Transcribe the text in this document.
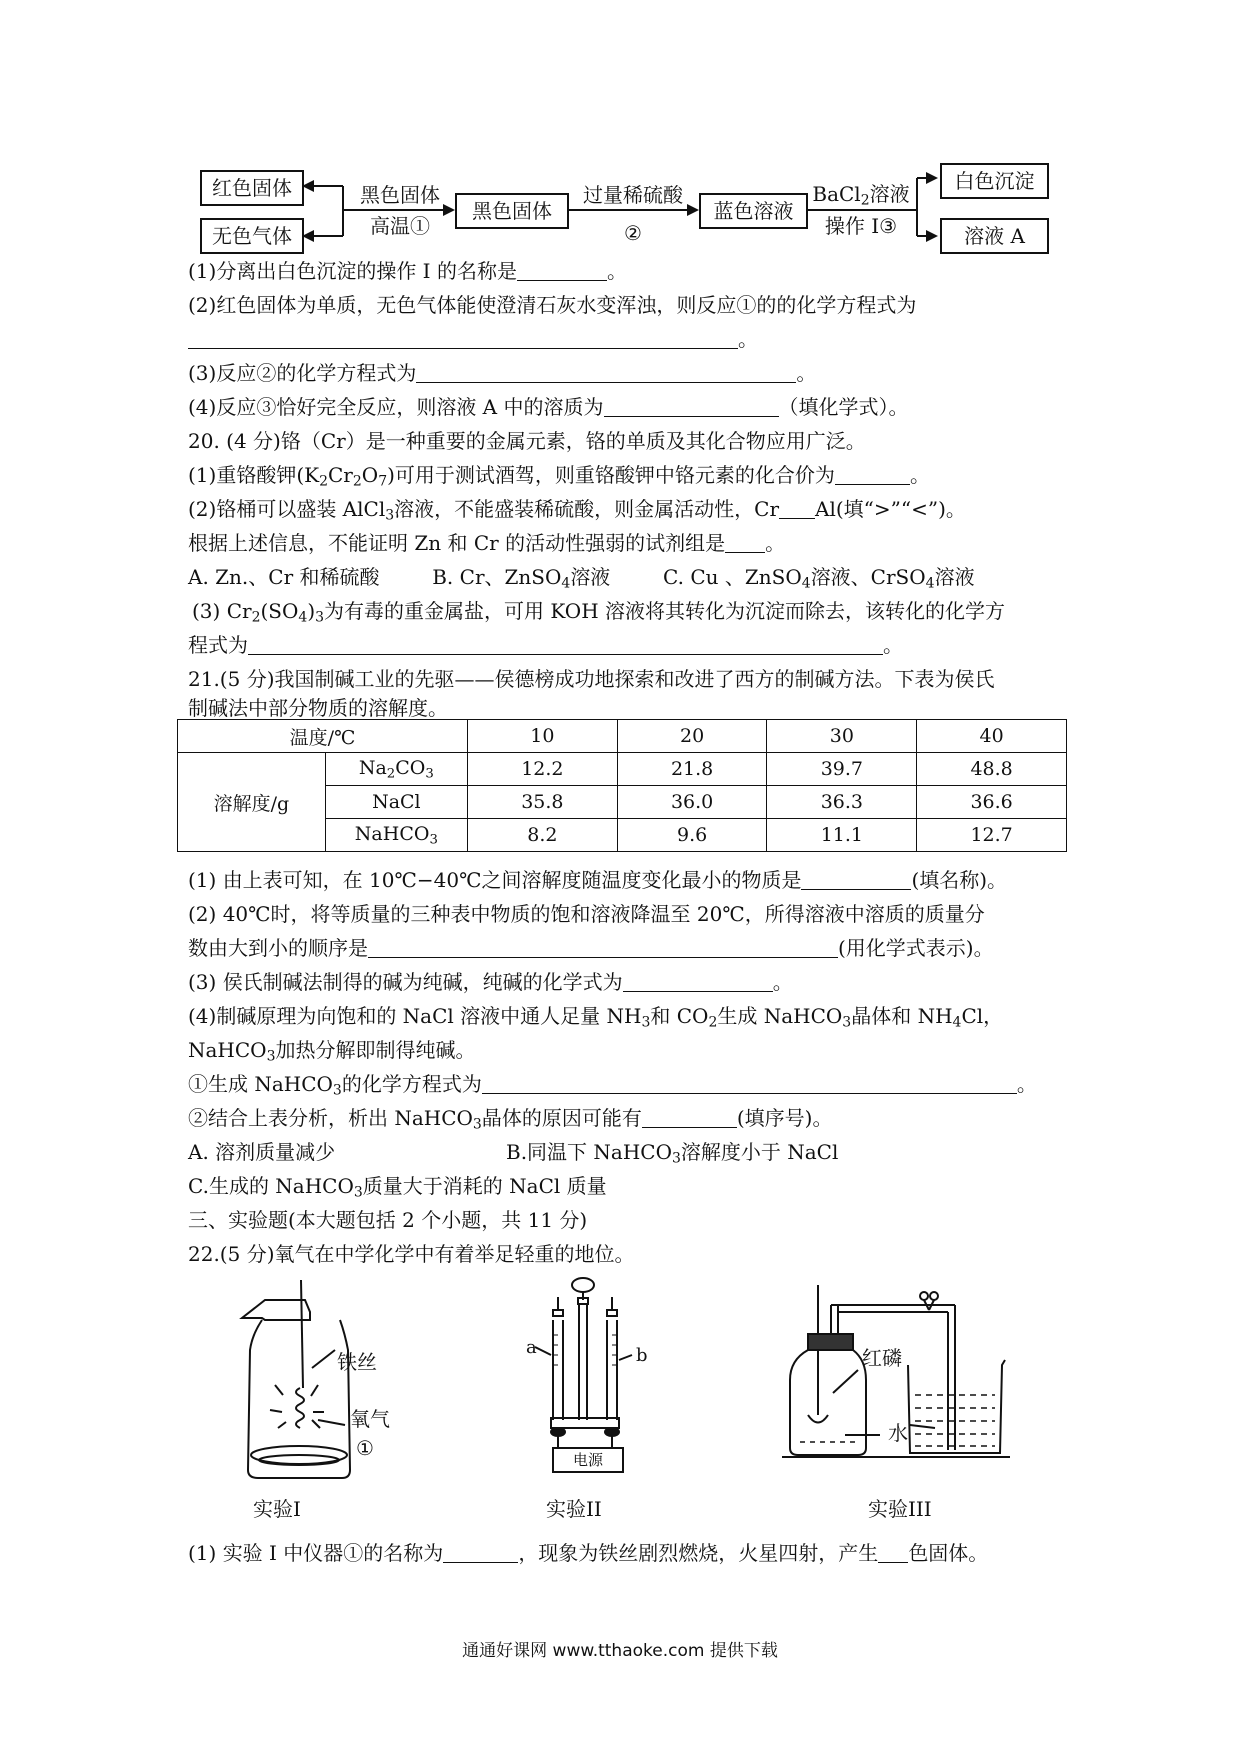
红色固体
无色气体
黑色固体
高温①
黑色固体
过量稀硫酸
②
蓝色溶液
BaCl$_2$溶液
操作 I③
白色沉淀
溶液 A
(1)分离出白色沉淀的操作 I 的名称是	。
(2)红色固体为单质，无色气体能使澄清石灰水变浑浊，则反应①的的化学方程式为
。
(3)反应②的化学方程式为	。
(4)反应③恰好完全反应，则溶液 A 中的溶质为	（填化学式）。
20. (4 分)铬（Cr）是一种重要的金属元素，铬的单质及其化合物应用广泛。
(1)重铬酸钾$(K_2Cr_2O_7)$可用于测试酒驾，则重铬酸钾中铬元素的化合价为	。
(2)铬桶可以盛装 AlCl$_3$溶液，不能盛装稀硫酸，则金属活动性，Cr Al(填“>”“<”)。
根据上述信息，不能证明 Zn 和 Cr 的活动性强弱的试剂组是 。
A. Zn.、Cr 和稀硫酸	B. Cr、ZnSO$_4$溶液	C. Cu 、ZnSO$_4$溶液、CrSO$_4$溶液
(3) $Cr_2(SO_4)_3$为有毒的重金属盐，可用 KOH 溶液将其转化为沉淀而除去，该转化的化学方
程式为	。
21.(5 分)我国制碱工业的先驱——侯德榜成功地探索和改进了西方的制碱方法。下表为侯氏
制碱法中部分物质的溶解度。
温度/℃		10	20	30	40
溶解度/g	$Na_2CO_3$	12.2	21.8	39.7	48.8
	NaCl	35.8	36.0	36.3	36.6
	NaHCO$_3$	8.2	9.6	11.1	12.7
(1) 由上表可知，在 10℃−40℃之间溶解度随温度变化最小的物质是	(填名称)。
(2) 40℃时，将等质量的三种表中物质的饱和溶液降温至 20℃，所得溶液中溶质的质量分
数由大到小的顺序是	(用化学式表示)。
(3) 侯氏制碱法制得的碱为纯碱，纯碱的化学式为	。
(4)制碱原理为向饱和的 NaCl 溶液中通人足量 $NH_3$和 $CO_2$生成 NaHCO$_3$晶体和 $NH_4Cl$，
NaHCO$_3$加热分解即制得纯碱。
①生成 NaHCO$_3$的化学方程式为	。
②结合上表分析，析出 NaHCO$_3$晶体的原因可能有	(填序号)。
A. 溶剂质量减少	B.同温下 NaHCO$_3$溶解度小于 NaCl
C.生成的 NaHCO$_3$质量大于消耗的 NaCl 质量
三、实验题(本大题包括 2 个小题，共 11 分)
22.(5 分)氧气在中学化学中有着举足轻重的地位。
铁丝
氧气
①
实验I
a	b
电源
实验II
红磷
水
实验III
(1) 实验 I 中仪器①的名称为	，现象为铁丝剧烈燃烧，火星四射，产生 色固体。
通通好课网 www.tthaoke.com 提供下载
